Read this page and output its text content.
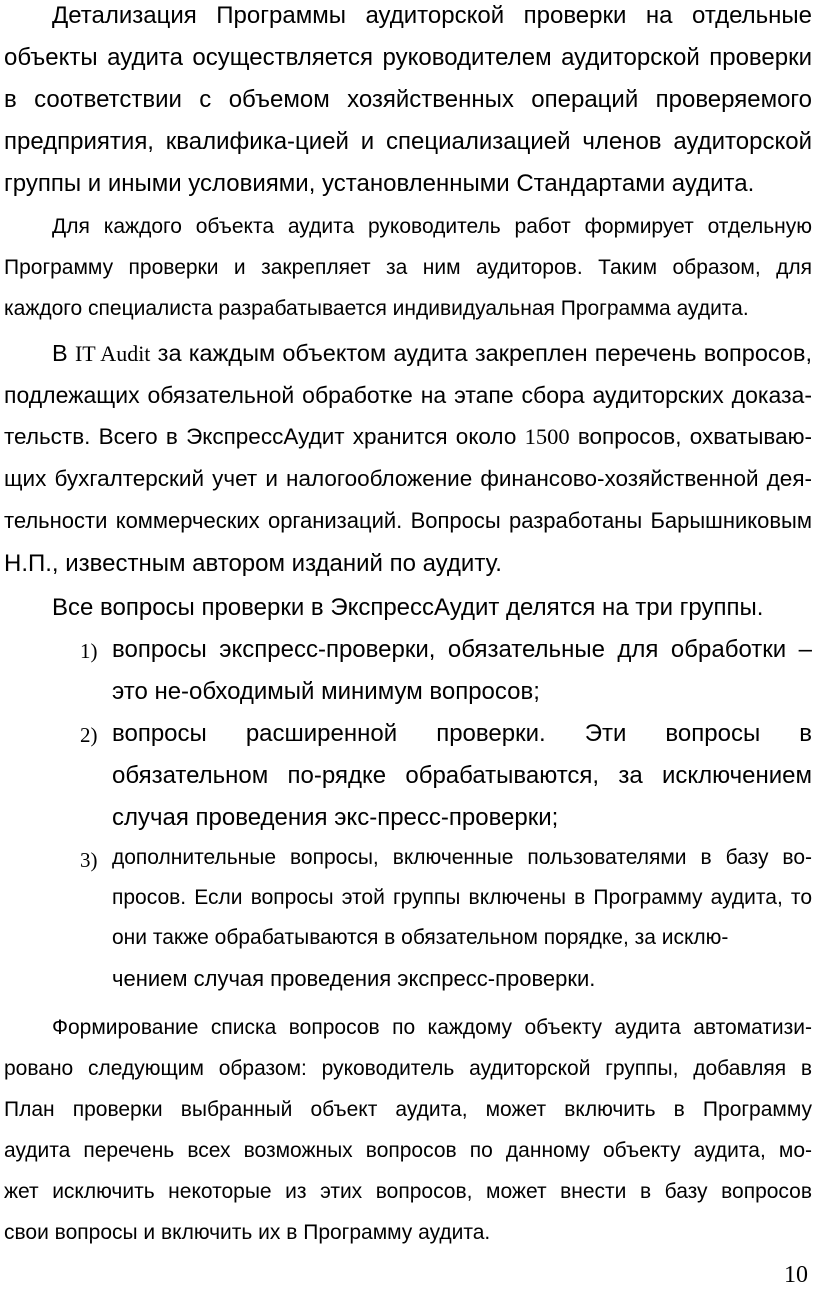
Детализация Программы аудиторской проверки на отдельные
объекты аудита осуществляется руководителем аудиторской проверки
в соответствии с объемом хозяйственных операций проверяемого
предприятия, квалифика-цией и специализацией членов аудиторской
группы и иными условиями, установленными Стандартами аудита.
Для каждого объекта аудита руководитель работ формирует отдельную
Программу проверки и закрепляет за ним аудиторов. Таким образом, для
каждого специалиста разрабатывается индивидуальная Программа аудита.
В IT Audit за каждым объектом аудита закреплен перечень вопросов,
подлежащих обязательной обработке на этапе сбора аудиторских доказа-
тельств. Всего в ЭкспрессАудит хранится около 1500 вопросов, охватываю-
щих бухгалтерский учет и налогообложение финансово-хозяйственной дея-
тельности коммерческих организаций. Вопросы разработаны Барышниковым
Н.П., известным автором изданий по аудиту.
Все вопросы проверки в ЭкспрессАудит делятся на три группы.
1) вопросы экспресс-проверки, обязательные для обработки –
это не-обходимый минимум вопросов;
2) вопросы расширенной проверки. Эти вопросы в
обязательном по-рядке обрабатываются, за исключением
случая проведения экс-пресс-проверки;
3) дополнительные вопросы, включенные пользователями в базу во-
просов. Если вопросы этой группы включены в Программу аудита, то
они также обрабатываются в обязательном порядке, за исклю-
чением случая проведения экспресс-проверки.
Формирование списка вопросов по каждому объекту аудита автоматизи-
ровано следующим образом: руководитель аудиторской группы, добавляя в
План проверки выбранный объект аудита, может включить в Программу
аудита перечень всех возможных вопросов по данному объекту аудита, мо-
жет исключить некоторые из этих вопросов, может внести в базу вопросов
свои вопросы и включить их в Программу аудита.
10
